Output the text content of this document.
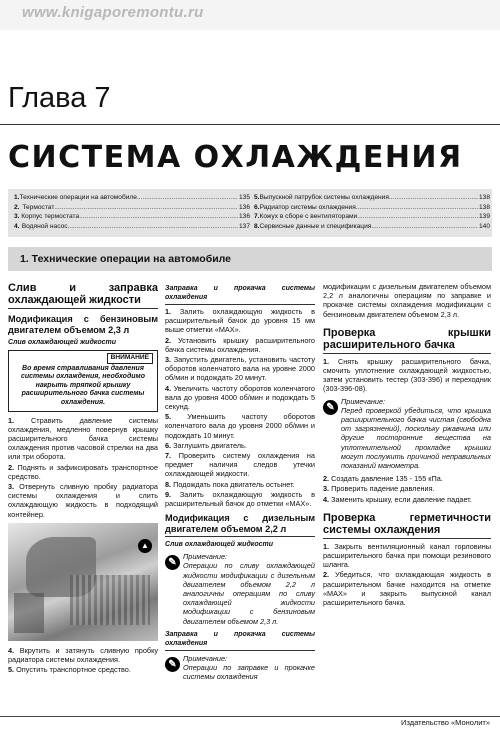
www.knigaporemontu.ru
Глава 7
СИСТЕМА ОХЛАЖДЕНИЯ
1. Технические операции на автомобиле .....	135
2. Термостат .....	136
3. Корпус термостата .....	136
4. Водяной насос .....	137
5. Выпускной патрубок системы охлаждения .....	138
6. Радиатор системы охлаждения .....	138
7. Кожух в сборе с вентиляторами .....	139
8. Сервисные данные и спецификация .....	140
1. Технические операции на автомобиле
Слив и заправка охлаждающей жидкости
Модификация с бензиновым двигателем объемом 2,3 л
Слив охлаждающей жидкости
ВНИМАНИЕ
Во время стравливания давления системы охлаждения, необходимо накрыть тряпкой крышку расширительного бачка системы охлаждения.

1. Стравить давление системы охлаждения, медленно повернув крышку расширительного бачка системы охлаждения против часовой стрелки на два или три оборота.

2. Поднять и зафиксировать транспортное средство.

3. Отвернуть сливную пробку радиатора системы охлаждения и слить охлаждающую жидкость в подходящий контейнер.

▲

4. Вкрутить и затянуть сливную пробку радиатора системы охлаждения.

5. Опустить транспортное средство.

Заправка и прокачка системы охлаждения

1. Залить охлаждающую жидкость в расширительный бачок до уровня 15 мм выше отметки «MAX».

2. Установить крышку расширительного бачка системы охлаждения.

3. Запустить двигатель, установить частоту оборотов коленчатого вала на уровне 2000 об/мин и подождать 20 минут.

4. Увеличить частоту оборотов коленчатого вала до уровня 4000 об/мин и подождать 5 секунд.

5. Уменьшить частоту оборотов коленчатого вала до уровня 2000 об/мин и подождать 10 минут.

6. Заглушить двигатель.

7. Проверить систему охлаждения на предмет наличия следов утечки охлаждающей жидкости.

8. Подождать пока двигатель остынет.

9. Залить охлаждающую жидкость в расширительный бачок до отметки «MAX».

Модификация с дизельным двигателем объемом 2,2 л
Слив охлаждающей жидкости
✎
Примечание:
Операции по сливу охлаждающей жидкости модификации с дизельным двигателем объемом 2,2 л аналогичны операциям по сливу охлаждающей жидкости модификации с бензиновым двигателем объемом 2,3 л.
Заправка и прокачка системы охлаждения
✎
Примечание:
Операции по заправке и прокачке системы охлаждения

модификации с дизельным двигателем объемом 2,2 л аналогичны операциям по заправке и прокачке системы охлаждения модификации с бензиновым двигателем объемом 2,3 л.

Проверка крышки расширительного бачка

1. Снять крышку расширительного бачка, смочить уплотнение охлаждающей жидкостью, затем установить тестер (303-396) и переходник (303-396-08).

✎
Примечание:
Перед проверкой убедиться, что крышка расширительного бачка чистая (свободна от загрязнений), поскольку ржавчина или другие посторонние вещества на уплотнительной прокладке крышки могут послужить причиной неправильных показаний манометра.

2. Создать давление 135 - 155 кПа.

3. Проверить падение давления.

4. Заменить крышку, если давление падает.

Проверка герметичности системы охлаждения

1. Закрыть вентиляционный канал горловины расширительного бачка при помощи резинового шланга.

2. Убедиться, что охлаждающая жидкость в расширительном бачке находится на отметке «MAX» и закрыть выпускной канал расширительного бачка.

Издательство «Монолит»
